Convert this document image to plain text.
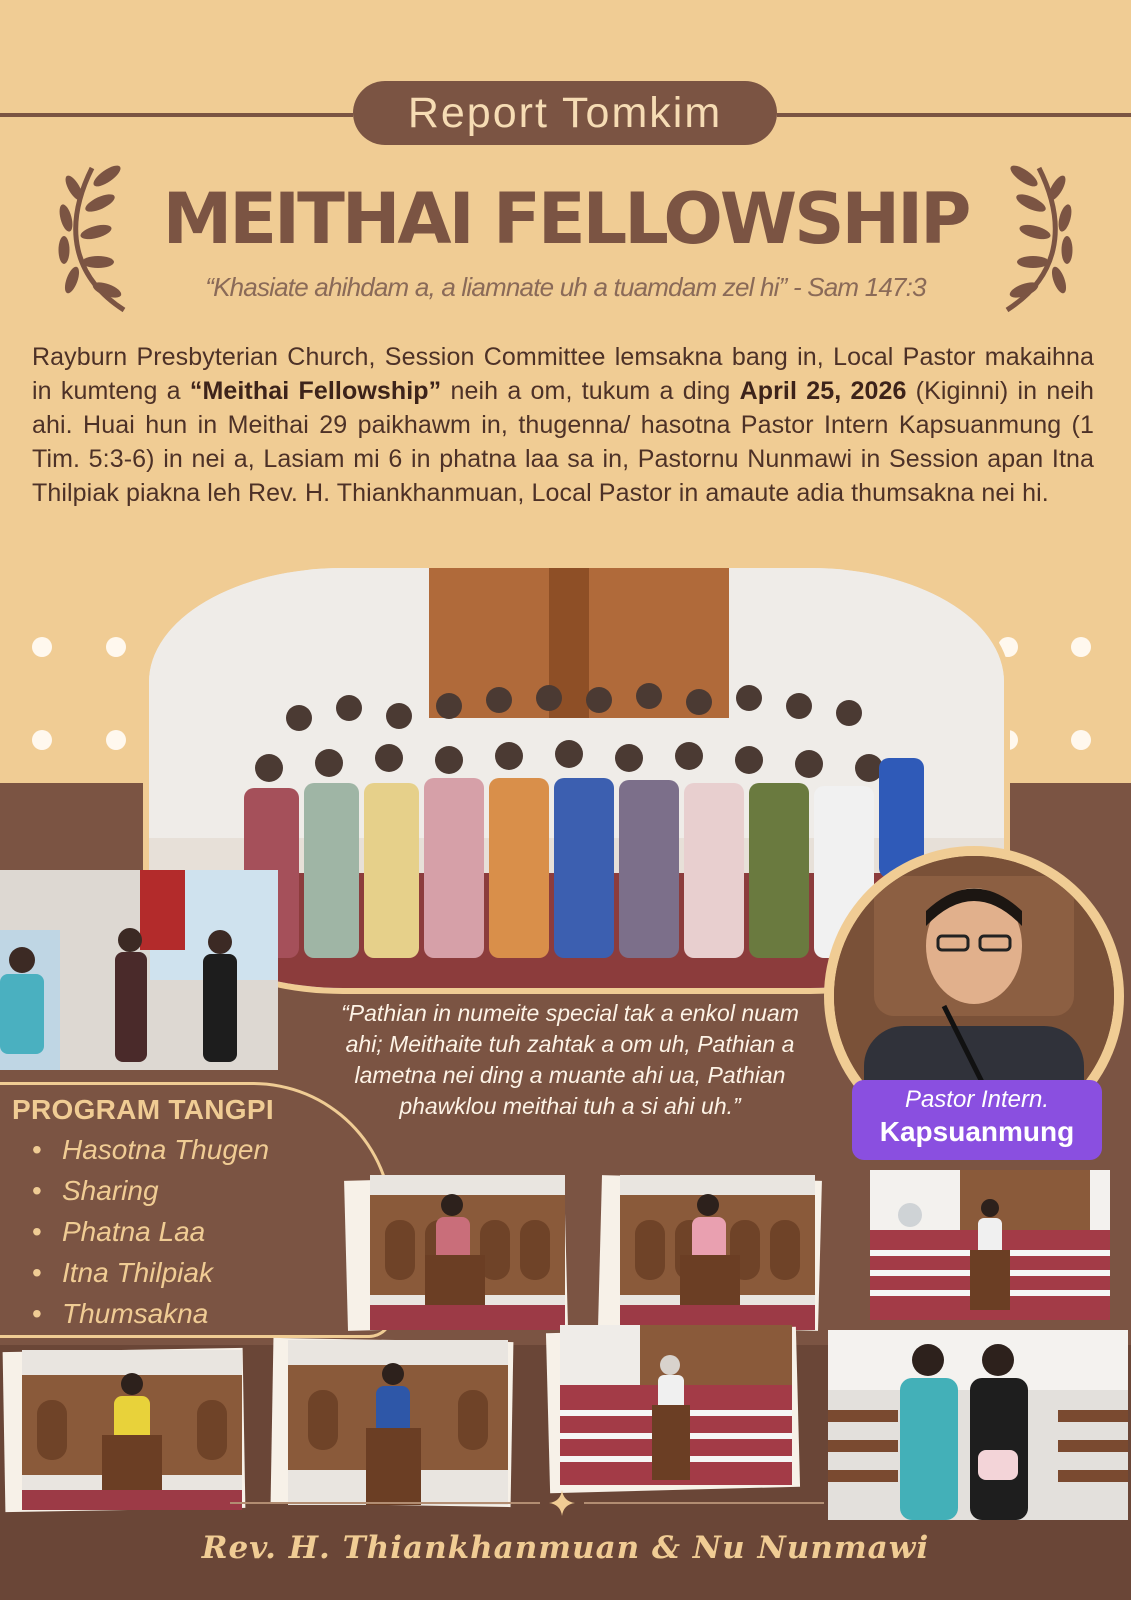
Report Tomkim
MEITHAI FELLOWSHIP
“Khasiate ahihdam a, a liamnate uh a tuamdam zel hi” - Sam 147:3

Rayburn Presbyterian Church, Session Committee lemsakna bang in, Local Pastor makaihna in kumteng a “Meithai Fellowship” neih a om, tukum a ding April 25, 2026 (Kiginni) in neih ahi. Huai hun in Meithai 29 paikhawm in, thugenna/ hasotna Pastor Intern Kapsuanmung (1 Tim. 5:3-6) in nei a, Lasiam mi 6 in phatna laa sa in, Pastornu Nunmawi in Session apan Itna Thilpiak piakna leh Rev. H. Thiankhanmuan, Local Pastor in amaute adia thumsakna nei hi.

Pastor Intern.
Kapsuanmung

“Pathian in numeite special tak a enkol nuam ahi; Meithaite tuh zahtak a om uh, Pathian a lametna nei ding a muante ahi ua, Pathian phawklou meithai tuh a si ahi uh.”

PROGRAM TANGPI
• Hasotna Thugen
• Sharing
• Phatna Laa
• Itna Thilpiak
• Thumsakna
Rev. H. Thiankhanmuan & Nu Nunmawi
